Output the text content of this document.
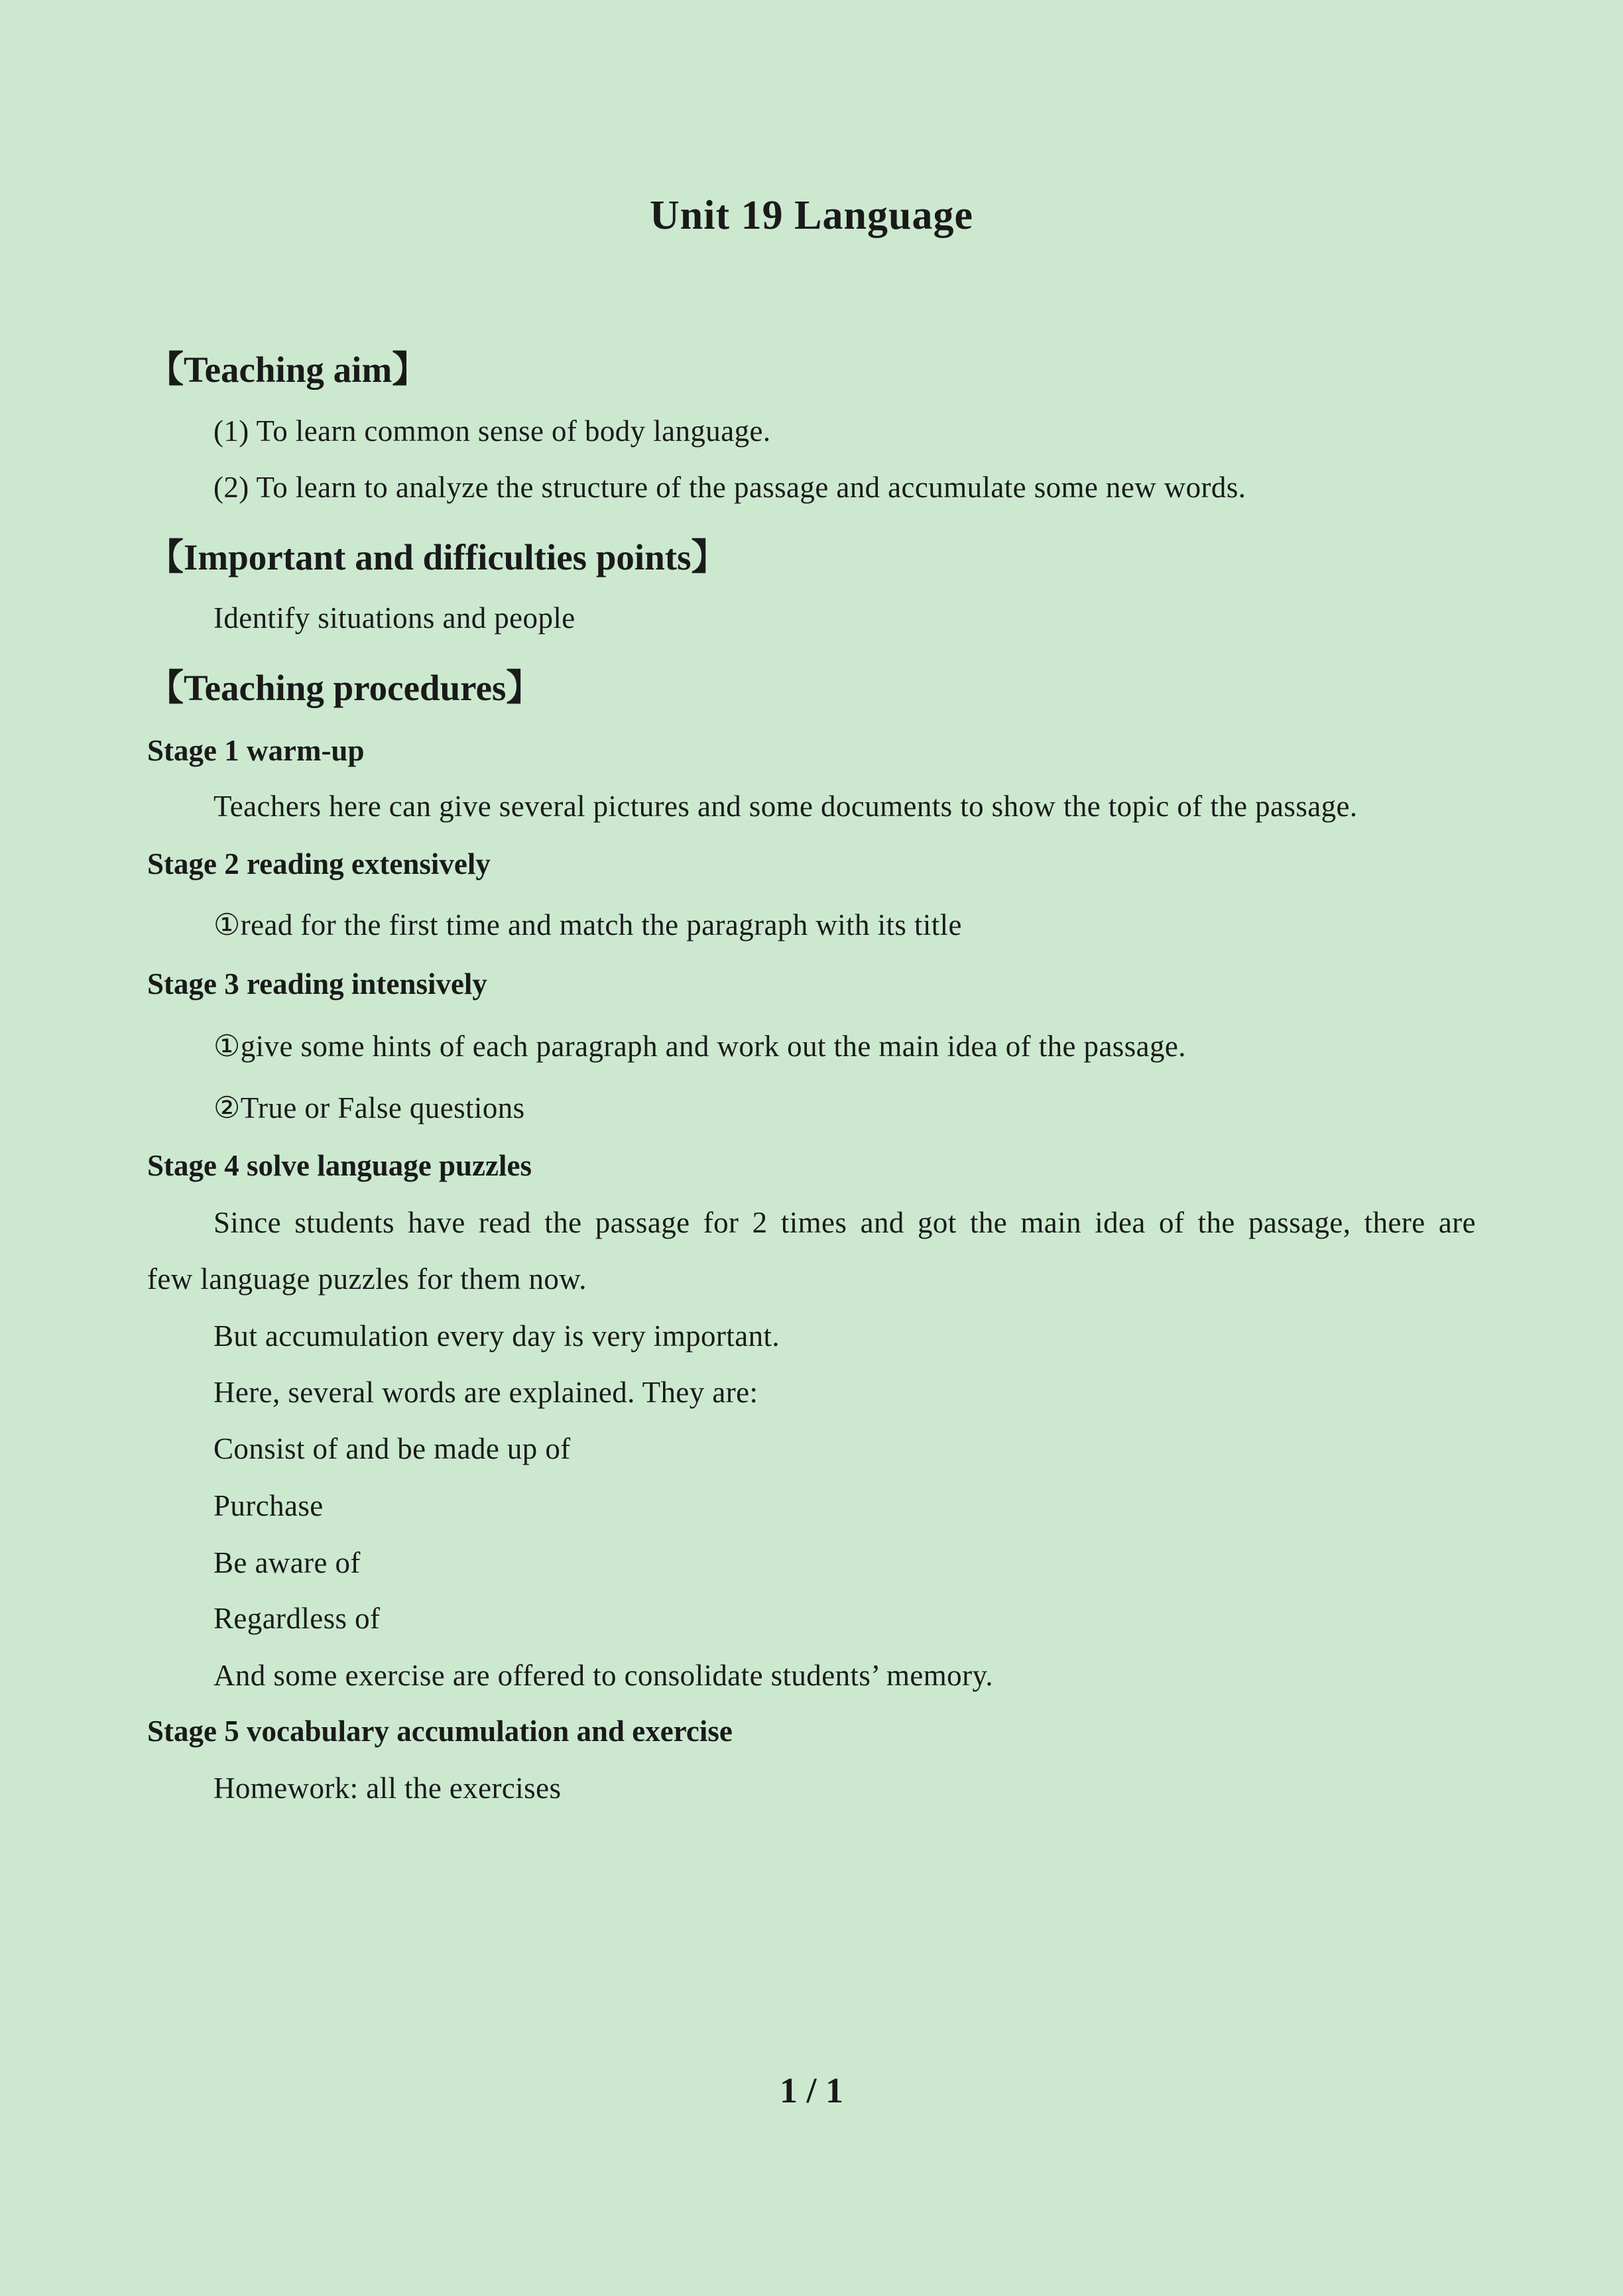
Unit 19 Language
【Teaching aim】
(1) To learn common sense of body language.
(2) To learn to analyze the structure of the passage and accumulate some new words.
【Important and difficulties points】
Identify situations and people
【Teaching procedures】
Stage 1 warm-up
Teachers here can give several pictures and some documents to show the topic of the passage.
Stage 2 reading extensively
①read for the first time and match the paragraph with its title
Stage 3 reading intensively
①give some hints of each paragraph and work out the main idea of the passage.
②True or False questions
Stage 4 solve language puzzles
Since students have read the passage for 2 times and got the main idea of the passage, there are
few language puzzles for them now.
But accumulation every day is very important.
Here, several words are explained. They are:
Consist of and be made up of
Purchase
Be aware of
Regardless of
And some exercise are offered to consolidate students’ memory.
Stage 5 vocabulary accumulation and exercise
Homework: all the exercises
1 / 1
